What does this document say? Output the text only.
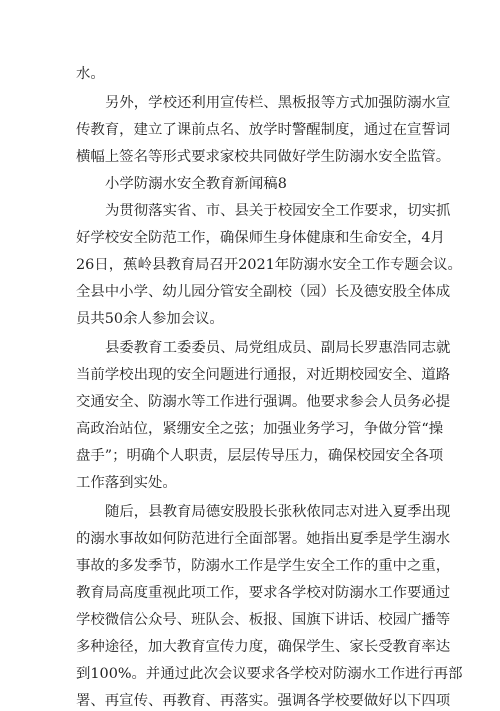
水。
另外，学校还利用宣传栏、黑板报等方式加强防溺水宣
传教育，建立了课前点名、放学时警醒制度，通过在宣誓词
横幅上签名等形式要求家校共同做好学生防溺水安全监管。
小学防溺水安全教育新闻稿8
为贯彻落实省、市、县关于校园安全工作要求，切实抓
好学校安全防范工作，确保师生身体健康和生命安全，4月
26日，蕉岭县教育局召开2021年防溺水安全工作专题会议。
全县中小学、幼儿园分管安全副校（园）长及德安股全体成
员共50余人参加会议。
县委教育工委委员、局党组成员、副局长罗惠浩同志就
当前学校出现的安全问题进行通报，对近期校园安全、道路
交通安全、防溺水等工作进行强调。他要求参会人员务必提
高政治站位，紧绷安全之弦；加强业务学习，争做分管“操
盘手”；明确个人职责，层层传导压力，确保校园安全各项
工作落到实处。
随后，县教育局德安股股长张秋侬同志对进入夏季出现
的溺水事故如何防范进行全面部署。她指出夏季是学生溺水
事故的多发季节，防溺水工作是学生安全工作的重中之重，
教育局高度重视此项工作，要求各学校对防溺水工作要通过
学校微信公众号、班队会、板报、国旗下讲话、校园广播等
多种途径，加大教育宣传力度，确保学生、家长受教育率达
到100%。并通过此次会议要求各学校对防溺水工作进行再部
署、再宣传、再教育、再落实。强调各学校要做好以下四项
